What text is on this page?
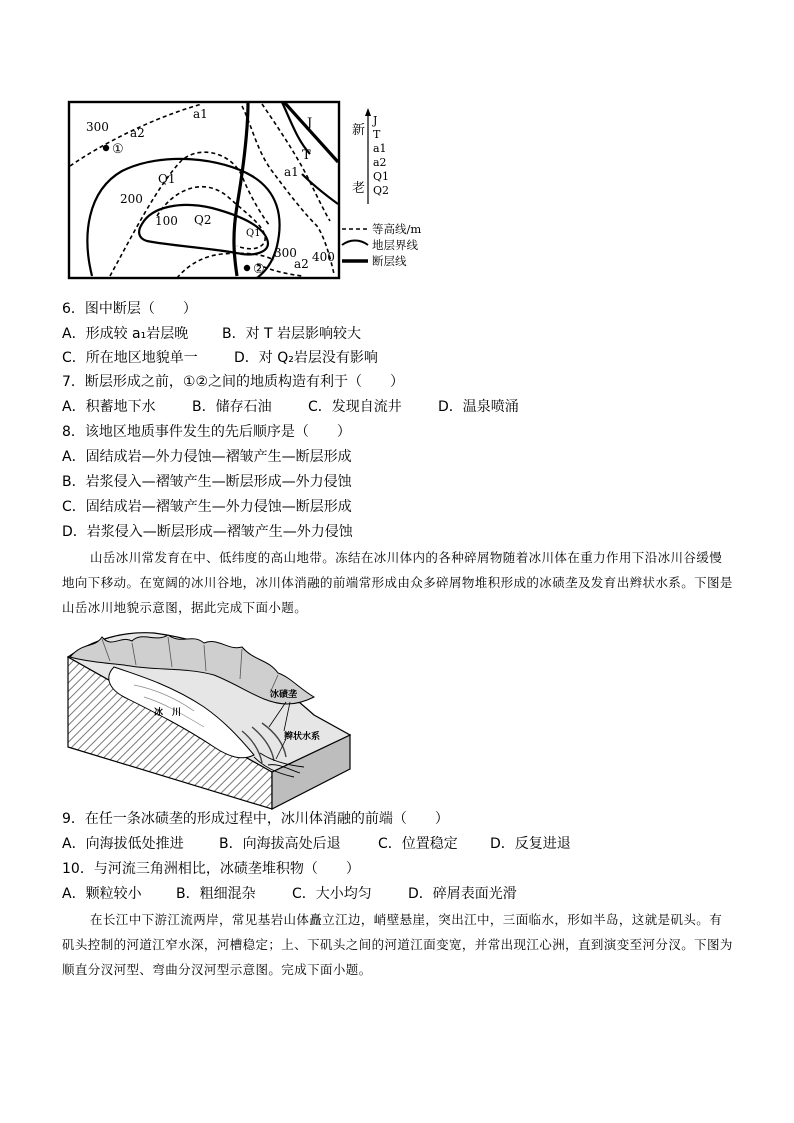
300
200
100
300 400
a1
a2
J
T
a1
Q1
Q2
Q1
a2
①
②
新
老
J
T
a1
a2
Q1
Q2
等高线/m
地层界线
断层线
6．图中断层（　　）
A．形成较 a₁岩层晚 B．对 T 岩层影响较大
C．所在地区地貌单一	D．对 Q₂岩层没有影响
7．断层形成之前，①②之间的地质构造有利于（　　）
A．积蓄地下水	B．储存石油	C．发现自流井	D．温泉喷涌
8．该地区地质事件发生的先后顺序是（　　）
A．固结成岩—外力侵蚀—褶皱产生—断层形成
B．岩浆侵入—褶皱产生—断层形成—外力侵蚀
C．固结成岩—褶皱产生—外力侵蚀—断层形成
D．岩浆侵入—断层形成—褶皱产生—外力侵蚀
山岳冰川常发育在中、低纬度的高山地带。冻结在冰川体内的各种碎屑物随着冰川体在重力作用下沿冰川谷缓慢地向下移动。在宽阔的冰川谷地，冰川体消融的前端常形成由众多碎屑物堆积形成的冰碛垄及发育出辫状水系。下图是山岳冰川地貌示意图，据此完成下面小题。
冰碛垄
冰　川
辫状水系
9．在任一条冰碛垄的形成过程中，冰川体消融的前端（　　）
A．向海拔低处推进	B．向海拔高处后退	C．位置稳定 D．反复进退
10．与河流三角洲相比，冰碛垄堆积物（　　）
A．颗粒较小 B．粗细混杂	C．大小均匀	D．碎屑表面光滑
在长江中下游江流两岸，常见基岩山体矗立江边，峭壁悬崖，突出江中，三面临水，形如半岛，这就是矶头。有矶头控制的河道江窄水深，河槽稳定；上、下矶头之间的河道江面变宽，并常出现江心洲，直到演变至河分汊。下图为顺直分汊河型、弯曲分汊河型示意图。完成下面小题。
